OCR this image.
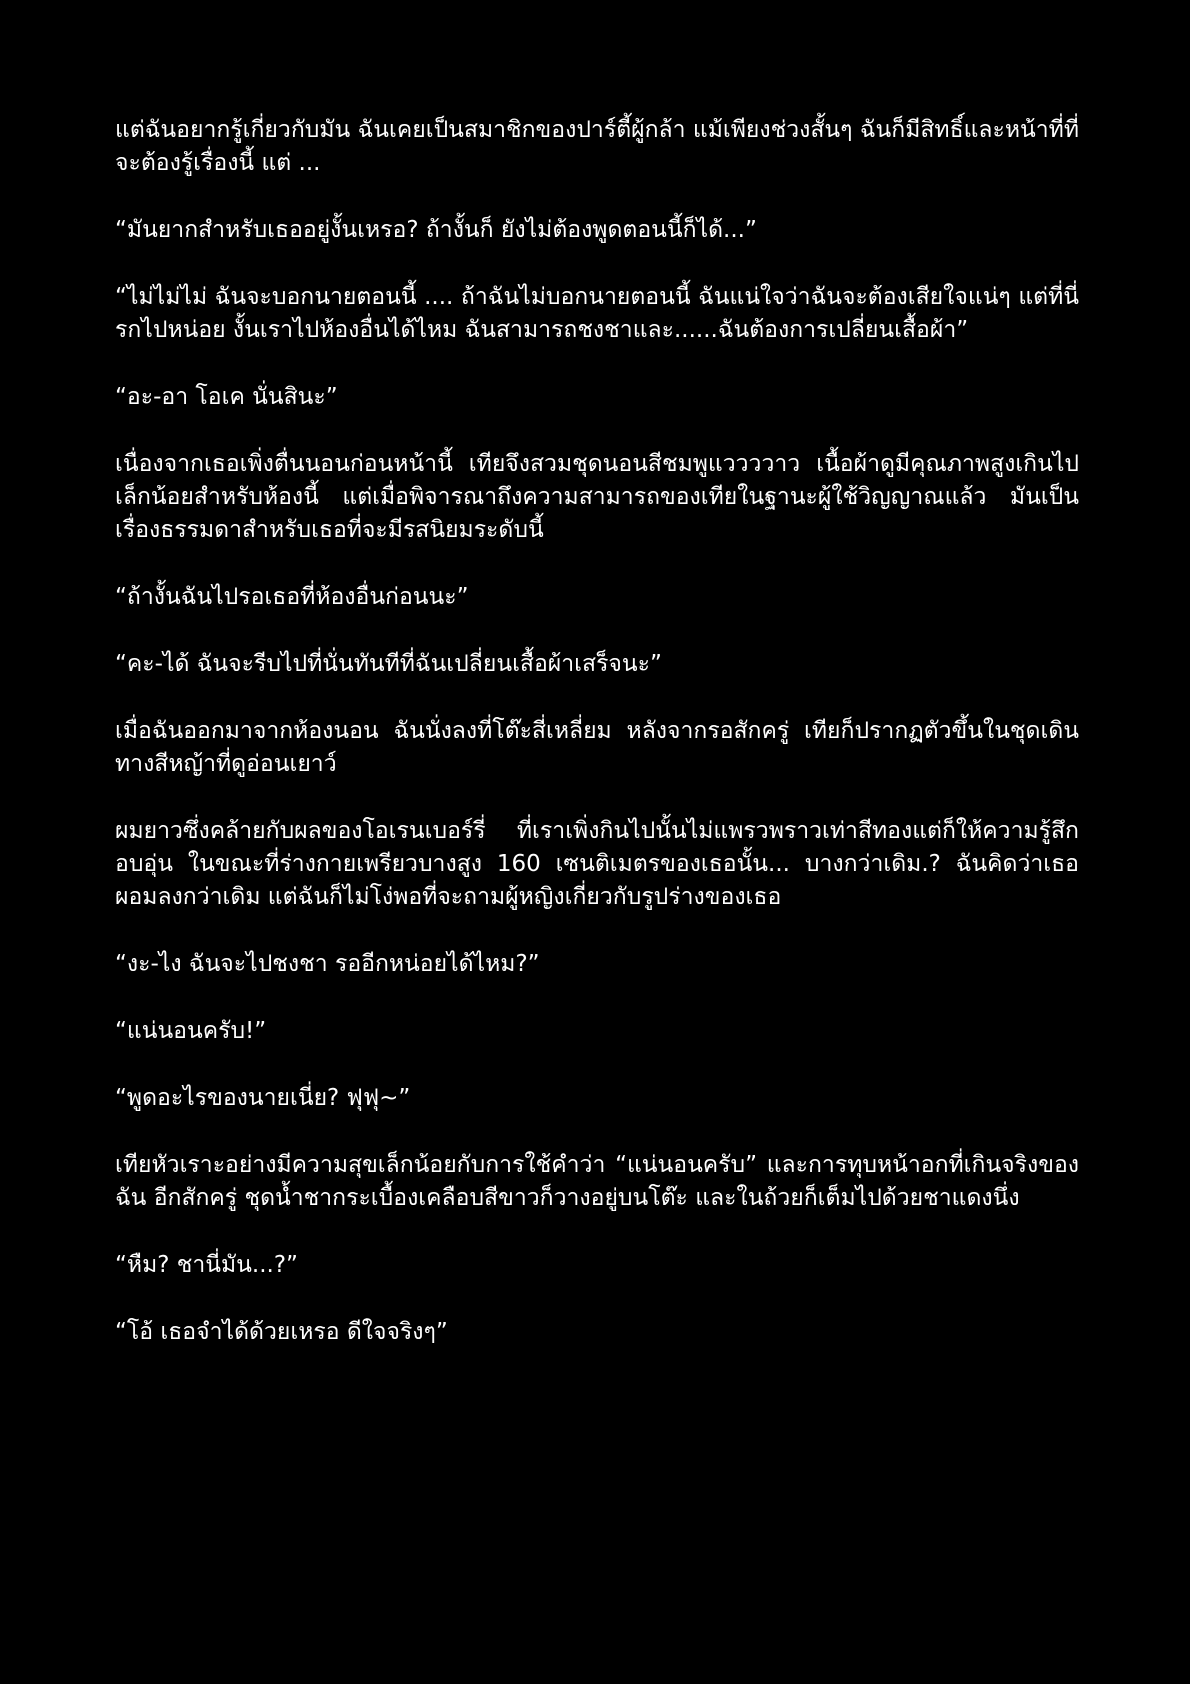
แต่ฉันอยากรู้เกี่ยวกับมัน ฉันเคยเป็นสมาชิกของปาร์ตี้ผู้กล้า แม้เพียงช่วงสั้นๆ ฉันก็มีสิทธิ์และหน้าที่ที่จะต้องรู้เรื่องนี้ แต่ ...

“มันยากสำหรับเธออยู่งั้นเหรอ? ถ้างั้นก็ ยังไม่ต้องพูดตอนนี้ก็ได้...”

“ไม่ไม่ไม่ ฉันจะบอกนายตอนนี้ .... ถ้าฉันไม่บอกนายตอนนี้ ฉันแน่ใจว่าฉันจะต้องเสียใจแน่ๆ แต่ที่นี่รกไปหน่อย งั้นเราไปห้องอื่นได้ไหม ฉันสามารถชงชาและ......ฉันต้องการเปลี่ยนเสื้อผ้า”

“อะ-อา โอเค นั่นสินะ”

เนื่องจากเธอเพิ่งตื่นนอนก่อนหน้านี้ เทียจึงสวมชุดนอนสีชมพูแววววาว เนื้อผ้าดูมีคุณภาพสูงเกินไปเล็กน้อยสำหรับห้องนี้ แต่เมื่อพิจารณาถึงความสามารถของเทียในฐานะผู้ใช้วิญญาณแล้ว มันเป็นเรื่องธรรมดาสำหรับเธอที่จะมีรสนิยมระดับนี้

“ถ้างั้นฉันไปรอเธอที่ห้องอื่นก่อนนะ”

“คะ-ได้ ฉันจะรีบไปที่นั่นทันทีที่ฉันเปลี่ยนเสื้อผ้าเสร็จนะ”

เมื่อฉันออกมาจากห้องนอน ฉันนั่งลงที่โต๊ะสี่เหลี่ยม หลังจากรอสักครู่ เทียก็ปรากฏตัวขึ้นในชุดเดินทางสีหญ้าที่ดูอ่อนเยาว์

ผมยาวซึ่งคล้ายกับผลของโอเรนเบอร์รี่ ที่เราเพิ่งกินไปนั้นไม่แพรวพราวเท่าสีทองแต่ก็ให้ความรู้สึกอบอุ่น ในขณะที่ร่างกายเพรียวบางสูง 160 เซนติเมตรของเธอนั้น... บางกว่าเดิม.? ฉันคิดว่าเธอผอมลงกว่าเดิม แต่ฉันก็ไม่โง่พอที่จะถามผู้หญิงเกี่ยวกับรูปร่างของเธอ

“งะ-ไง ฉันจะไปชงชา รออีกหน่อยได้ไหม?”

“แน่นอนครับ!”

“พูดอะไรของนายเนี่ย? ฟุฟุ~”

เทียหัวเราะอย่างมีความสุขเล็กน้อยกับการใช้คำว่า “แน่นอนครับ” และการทุบหน้าอกที่เกินจริงของฉัน อีกสักครู่ ชุดน้ำชากระเบื้องเคลือบสีขาวก็วางอยู่บนโต๊ะ และในถ้วยก็เต็มไปด้วยชาแดงนึ่ง

“หืม? ชานี่มัน...?”

“โอ้ เธอจำได้ด้วยเหรอ ดีใจจริงๆ”
